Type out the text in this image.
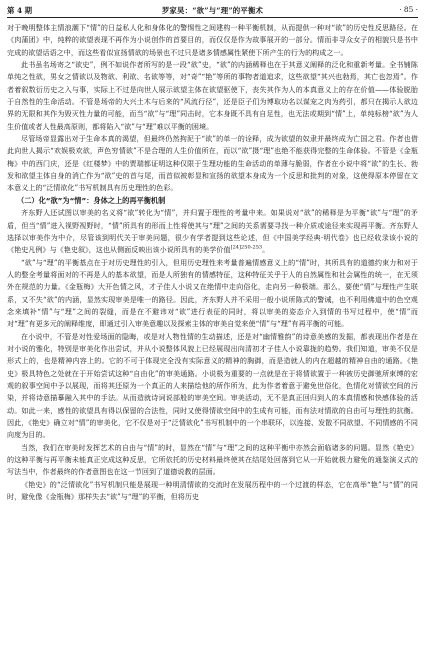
第 4 期	罗家昊：“欲”与“理”的平衡术	· 85 ·

对于晚明整体主情浪潮下“情”的日益私人化和身体化的警惕性之间建构一种平衡机制，从而提供一种对“欲”的历史性反思路径。在《肉蒲团》中，纯粹的欲望表现不再作为小说创作的首要目的，而仅仅是作为故事展开的一部分。情而非寻众女子的相貌只是书中完成的欲望话语之中，而这些看似宣扬情欲的场景也不过只是诸多情感属性紧使下所产生的行为的构成之一。

此书虽名场寄之“欲史”，例不如说作者所写的是一段“欲”史，“欲”的内涵稀释也在于其意义阐释的泛化和重新考量。全书铺陈单纯之性欲，男女之情欲以及物欲、利欲、名欲等等，对“奇”“艳”等所的事物者道追求，这些欲望“其兴也勃焉，其亡也忽焉”。作者着叙数衍历史之入与事，实际上不过是向世人展示欲望主体在欲望驱使下，丧失其作为人的本真意义上的存在价值——体验脱胎于自然性的生命活动。不管是场帝的大兴土木与后来的“风流行径”，还是臣子们为博取功名以谋宠之肉为药引，都只在揭示人欲边界的无限和其作为毁灭性力量的可能，而当“欲”与“理”同击时，它本身既不具有自足性，也无法或期到“情”上，单纯标榜“欲”为人生价值或者人性最高原则，都将陷入“欲”与“理”难以平衡的困境。

尽管场帝显露出对于生命本真的渴望，但最终仍然拘泥于“欲”的单一的诠释，成为欲望的奴隶并最终成为亡国之君。作者也借此向世人揭示“欢娱极欢欲，声色穷情欲”不是合理的人生价值所在，而以“欲”摄“理”也绝不能获得完整的生命体验。不管是《金瓶梅》中的西门庆，还是《红楼梦》中的贾瑞都证明这种仅限于生理功能的生命活动的单薄与脆弱，作者在小说中将“欲”的生长、勃发和欲望主体自身的消亡作为“欲”史的首与尾，而首似被彰显和宣扬的欲望本身成为一个反思和批判的对象，这使得原本停留在文本意义上的“泛情欲化”书写机制具有历史理性的色彩。

（二）化“欲”为“情”：身体之上的再平衡机制

齐东野人还试图以审美的名义将“欲”转化为“情”，并归置于理性的考量中来。如果说对“欲”的稀释是为平衡“欲”与“理”的矛盾，但当“情”进入视野视野时，“情”所具有的形而上性将使其与“理”之间的关系需要寻找一种介质或途径来实现再平衡。齐东野人选择以审美作为中介，尽管该到明代关于审美问题，很少有学者提到这些论述，但《中国美学经典·明代卷》也已经收录该小说的《艳史凡例》与《艳史叙》，这也从侧面反映出该小说所具有的美学价值$^{[24]250-253}$。

“欲”与“理”的平衡基点在于对历史理性的引入，但用历史理性来考量普遍情感意义上的“情”时，其所具有的道德约束力和对于人的整全考量将面对的不再是人的基本欲望，而是人所独有的情感特征，这种特征关乎于人的自然属性和社会属性的统一，在无须外在规范的力量。《金瓶梅》大开色情之风，才子佳人小说又在绝情中走向俗化，走向另一种极端。那么，要使“情”与理性产生联系，又不失“欲”的内涵，显然实现审美是唯一的路径。因此，齐东野人并不采用一般小说所陈式的警诫，也不利用佛道中的色空观念来填补“情”与“理”之间的裂缝，而是在不避讳对“欲”进行表征的同时，将以审美的姿态介入到情的书写过程中，使“情”而对“理”有更多元的阐释维度，即通过引入审美意趣以及探索主体的审美自觉来使“情”与“理”有再平衡的可能。

在小说中，不管是对性爱场面的隐晦，或是对人物性情的生动描述，还是对“幽情雅韵”的诗意美感的发掘，都表现出作者是在对小说的雅化，特别是审美化作出尝试，并从小说整体风貌上已经展现出向清初才子佳人小说靠拢的趋势。我们知道，审美不仅是形式上的，也是精神内容上的。它的不可于体现完全没有实际意义的精神的胸御，而是造就人的内在超越的精神自由的通路。《艳史》极具特色之处就在于开始尝试这种“自由化”的审美通路。小说极为重要的一点就是在于将情欲置于一种被历史御驰所束缚的宏观的叙事空间中予以展现，而将其还原为一个真正的人来描绘他的所作所为，此为作者着意于避免世俗化，色情化对情欲空间的污染，并将诗意描摹融入其中的手法。从而造就诗词说部般的审美空间。审美活动，无不是真正回归到人的本真情感和快感体验的活动。如此一来，感性的欲望具有得以保留的合法性，同时又使得情欲空间中的生成有可能，而有法对情欲的自由可与理性的抗衡。因此，《艳史》确立对“情”的审美化，它不仅是对于“泛情欲化”书写机制中的一个串联环，以连接、发散不同欲望、不同情感的不同向度为目的。

当然，我们在审美时发挥艺术的自由与“情”的时，显然在“情”与“理”之间的这种平衡中亦然会面临诸多的问题。显然《艳史》的这种平衡与再平衡未能真正完成这种反思，它所依托的历史材料最终使其在结尾处回落到它从一开始就极力避免的通鉴演义式的写法当中，作者最终的作者意图也在这一节回到了道德说教的层面。

《艳史》的“泛情欲化”书写机制只能是展现一种明清情欲的交流时在发展历程中的一个过渡的样态，它在高举“艳”与“情”的同时，避免像《金瓶梅》那样失去“欲”与“理”的平衡，但将历史
